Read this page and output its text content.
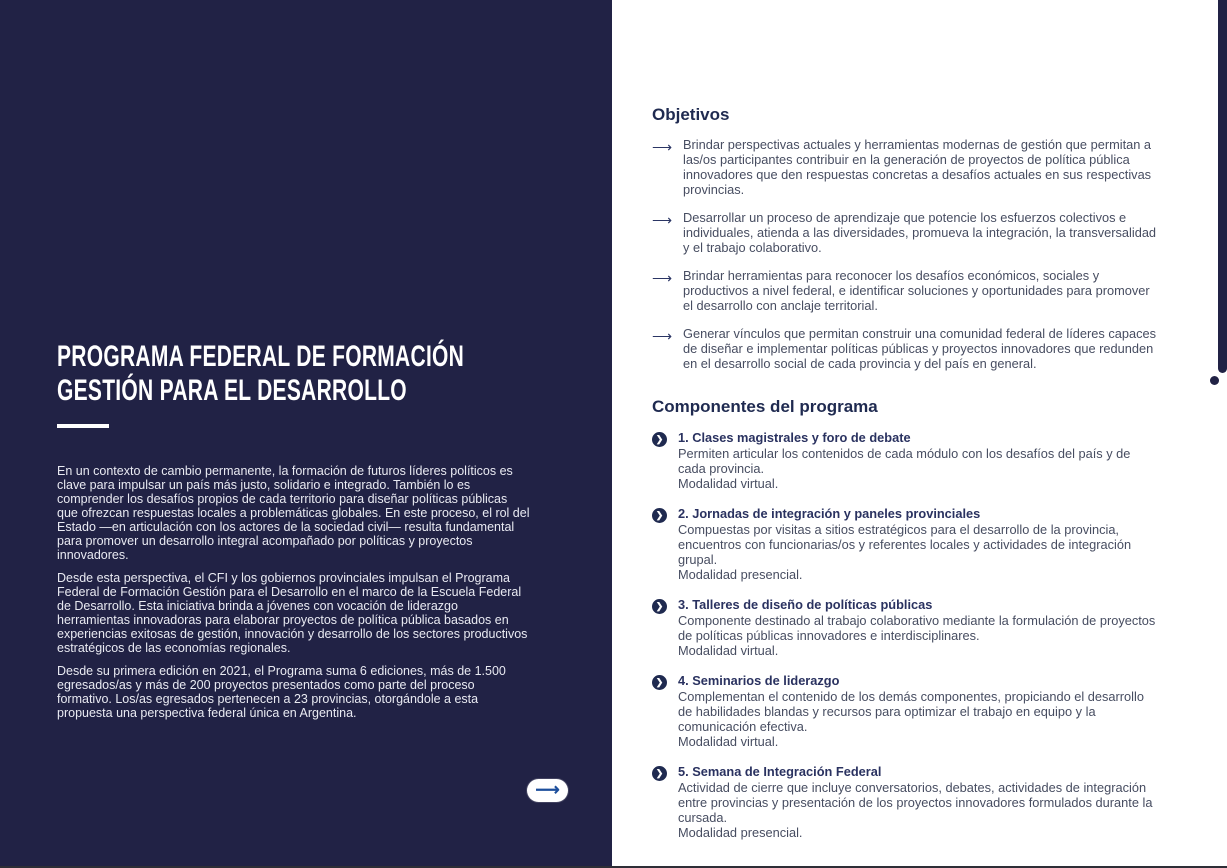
PROGRAMA FEDERAL DE FORMACIÓN
GESTIÓN PARA EL DESARROLLO

En un contexto de cambio permanente, la formación de futuros líderes políticos es clave para impulsar un país más justo, solidario e integrado. También lo es comprender los desafíos propios de cada territorio para diseñar políticas públicas que ofrezcan respuestas locales a problemáticas globales. En este proceso, el rol del Estado —en articulación con los actores de la sociedad civil— resulta fundamental para promover un desarrollo integral acompañado por políticas y proyectos innovadores.

Desde esta perspectiva, el CFI y los gobiernos provinciales impulsan el Programa Federal de Formación Gestión para el Desarrollo en el marco de la Escuela Federal de Desarrollo. Esta iniciativa brinda a jóvenes con vocación de liderazgo herramientas innovadoras para elaborar proyectos de política pública basados en experiencias exitosas de gestión, innovación y desarrollo de los sectores productivos estratégicos de las economías regionales.

Desde su primera edición en 2021, el Programa suma 6 ediciones, más de 1.500 egresados/as y más de 200 proyectos presentados como parte del proceso formativo. Los/as egresados pertenecen a 23 provincias, otorgándole a esta propuesta una perspectiva federal única en Argentina.

⟶
Objetivos
⟶ Brindar perspectivas actuales y herramientas modernas de gestión que permitan a las/os participantes contribuir en la generación de proyectos de política pública innovadores que den respuestas concretas a desafíos actuales en sus respectivas provincias.
⟶ Desarrollar un proceso de aprendizaje que potencie los esfuerzos colectivos e individuales, atienda a las diversidades, promueva la integración, la transversalidad y el trabajo colaborativo.
⟶ Brindar herramientas para reconocer los desafíos económicos, sociales y productivos a nivel federal, e identificar soluciones y oportunidades para promover el desarrollo con anclaje territorial.
⟶ Generar vínculos que permitan construir una comunidad federal de líderes capaces de diseñar e implementar políticas públicas y proyectos innovadores que redunden en el desarrollo social de cada provincia y del país en general.
Componentes del programa
❯ 1. Clases magistrales y foro de debate
Permiten articular los contenidos de cada módulo con los desafíos del país y de cada provincia.
Modalidad virtual.
❯ 2. Jornadas de integración y paneles provinciales
Compuestas por visitas a sitios estratégicos para el desarrollo de la provincia, encuentros con funcionarias/os y referentes locales y actividades de integración grupal.
Modalidad presencial.
❯ 3. Talleres de diseño de políticas públicas
Componente destinado al trabajo colaborativo mediante la formulación de proyectos de políticas públicas innovadores e interdisciplinares.
Modalidad virtual.
❯ 4. Seminarios de liderazgo
Complementan el contenido de los demás componentes, propiciando el desarrollo de habilidades blandas y recursos para optimizar el trabajo en equipo y la comunicación efectiva.
Modalidad virtual.
❯ 5. Semana de Integración Federal
Actividad de cierre que incluye conversatorios, debates, actividades de integración entre provincias y presentación de los proyectos innovadores formulados durante la cursada.
Modalidad presencial.
